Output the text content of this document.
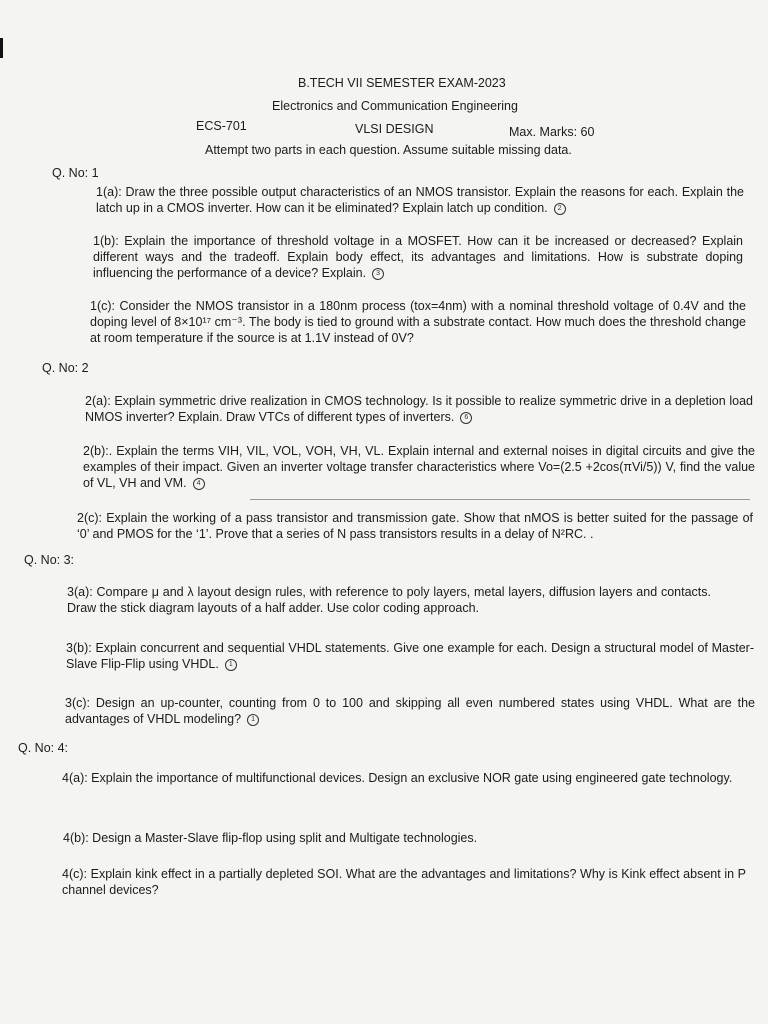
B.TECH VII SEMESTER EXAM-2023
Electronics and Communication Engineering
ECS-701	VLSI DESIGN	Max. Marks: 60
Attempt two parts in each question. Assume suitable missing data.
Q. No: 1
1(a): Draw the three possible output characteristics of an NMOS transistor. Explain the reasons for each. Explain the latch up in a CMOS inverter. How can it be eliminated? Explain latch up condition. 2
1(b): Explain the importance of threshold voltage in a MOSFET. How can it be increased or decreased? Explain different ways and the tradeoff. Explain body effect, its advantages and limitations. How is substrate doping influencing the performance of a device? Explain. 3
1(c): Consider the NMOS transistor in a 180nm process (tox=4nm) with a nominal threshold voltage of 0.4V and the doping level of 8×10¹⁷ cm⁻³. The body is tied to ground with a substrate contact. How much does the threshold change at room temperature if the source is at 1.1V instead of 0V?
Q. No: 2
2(a): Explain symmetric drive realization in CMOS technology. Is it possible to realize symmetric drive in a depletion load NMOS inverter? Explain. Draw VTCs of different types of inverters. 6
2(b):. Explain the terms VIH, VIL, VOL, VOH, VH, VL. Explain internal and external noises in digital circuits and give the examples of their impact. Given an inverter voltage transfer characteristics where Vo=(2.5 +2cos(πVi/5)) V, find the value of VL, VH and VM. 4
2(c): Explain the working of a pass transistor and transmission gate. Show that nMOS is better suited for the passage of ‘0’ and PMOS for the ‘1’. Prove that a series of N pass transistors results in a delay of N²RC. .
Q. No: 3:
3(a): Compare μ and λ layout design rules, with reference to poly layers, metal layers, diffusion layers and contacts. Draw the stick diagram layouts of a half adder. Use color coding approach.
3(b): Explain concurrent and sequential VHDL statements. Give one example for each. Design a structural model of Master-Slave Flip-Flip using VHDL. 1
3(c): Design an up-counter, counting from 0 to 100 and skipping all even numbered states using VHDL. What are the advantages of VHDL modeling? 1
Q. No: 4:
4(a): Explain the importance of multifunctional devices. Design an exclusive NOR gate using engineered gate technology.
4(b): Design a Master-Slave flip-flop using split and Multigate technologies.
4(c): Explain kink effect in a partially depleted SOI. What are the advantages and limitations? Why is Kink effect absent in P channel devices?
